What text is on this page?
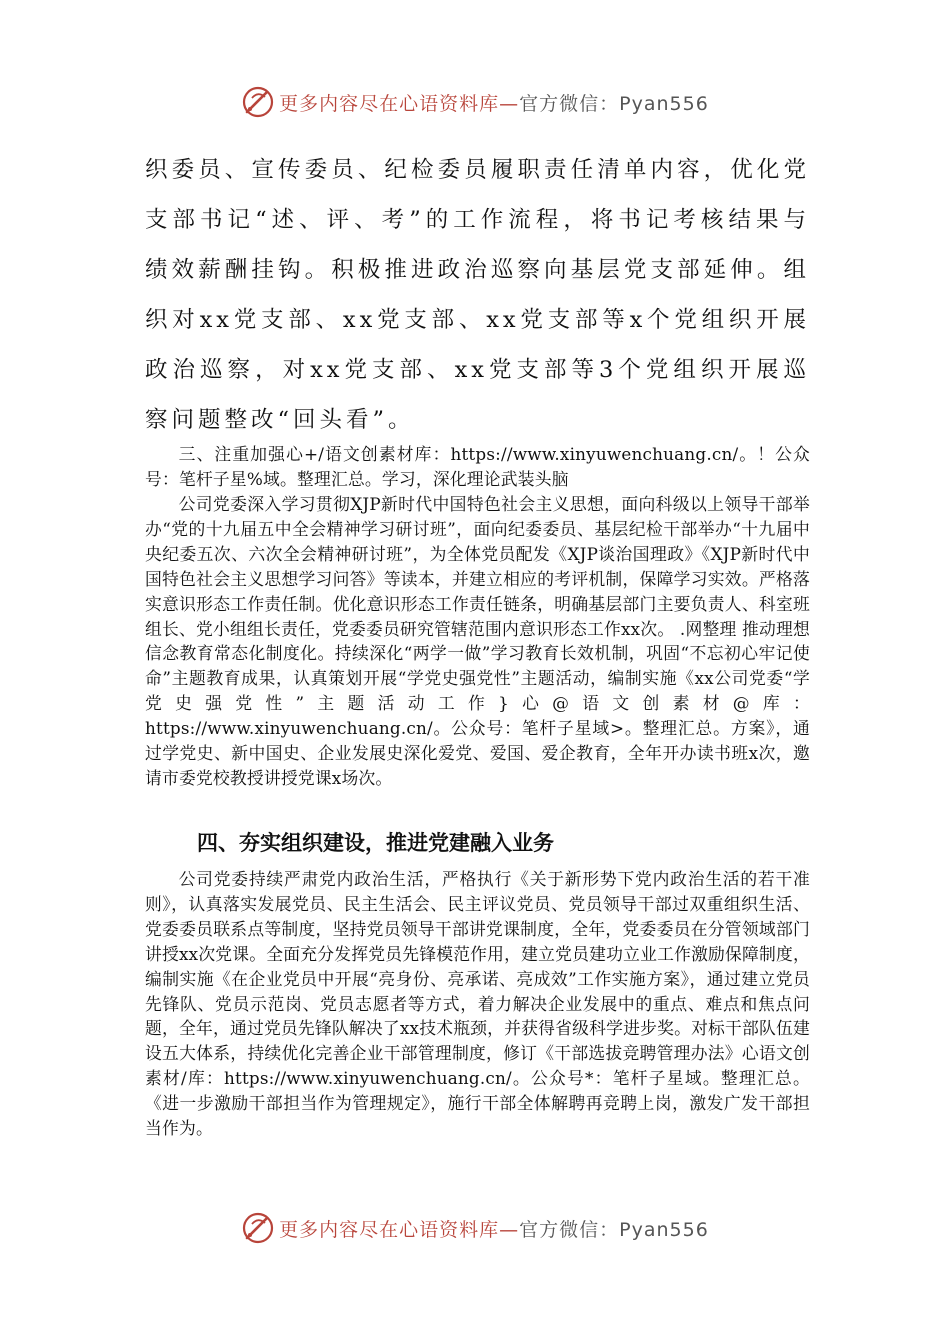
更多内容尽在心语资料库—官方微信：Pyan556
织委员、宣传委员、纪检委员履职责任清单内容，优化党支部书记“述、评、考”的工作流程，将书记考核结果与绩效薪酬挂钩。积极推进政治巡察向基层党支部延伸。组织对xx党支部、xx党支部、xx党支部等x个党组织开展政治巡察，对xx党支部、xx党支部等3个党组织开展巡察问题整改“回头看”。
三、注重加强心+/语文创素材库：https://www.xinyuwenchuang.cn/。！公众号：笔杆子星%域。整理汇总。学习，深化理论武装头脑
公司党委深入学习贯彻XJP新时代中国特色社会主义思想，面向科级以上领导干部举办“党的十九届五中全会精神学习研讨班”，面向纪委委员、基层纪检干部举办“十九届中央纪委五次、六次全会精神研讨班”，为全体党员配发《XJP谈治国理政》《XJP新时代中国特色社会主义思想学习问答》等读本，并建立相应的考评机制，保障学习实效。严格落实意识形态工作责任制。优化意识形态工作责任链条，明确基层部门主要负责人、科室班组长、党小组组长责任，党委委员研究管辖范围内意识形态工作xx次。 .网整理 推动理想信念教育常态化制度化。持续深化“两学一做”学习教育长效机制，巩固“不忘初心牢记使命”主题教育成果，认真策划开展“学党史强党性”主题活动，编制实施《xx公司党委“学党史强党性”主题活动工作}心@语文创素材@库：https://www.xinyuwenchuang.cn/。公众号：笔杆子星域>。整理汇总。方案》，通过学党史、新中国史、企业发展史深化爱党、爱国、爱企教育，全年开办读书班x次，邀请市委党校教授讲授党课x场次。
四、夯实组织建设，推进党建融入业务
公司党委持续严肃党内政治生活，严格执行《关于新形势下党内政治生活的若干准则》，认真落实发展党员、民主生活会、民主评议党员、党员领导干部过双重组织生活、党委委员联系点等制度，坚持党员领导干部讲党课制度，全年，党委委员在分管领域部门讲授xx次党课。全面充分发挥党员先锋模范作用，建立党员建功立业工作激励保障制度，编制实施《在企业党员中开展“亮身份、亮承诺、亮成效”工作实施方案》，通过建立党员先锋队、党员示范岗、党员志愿者等方式，着力解决企业发展中的重点、难点和焦点问题，全年，通过党员先锋队解决了xx技术瓶颈，并获得省级科学进步奖。对标干部队伍建设五大体系，持续优化完善企业干部管理制度，修订《干部选拔竞聘管理办法》心语文创素材/库：https://www.xinyuwenchuang.cn/。公众号*：笔杆子星域。整理汇总。《进一步激励干部担当作为管理规定》，施行干部全体解聘再竞聘上岗，激发广发干部担当作为。
更多内容尽在心语资料库—官方微信：Pyan556
